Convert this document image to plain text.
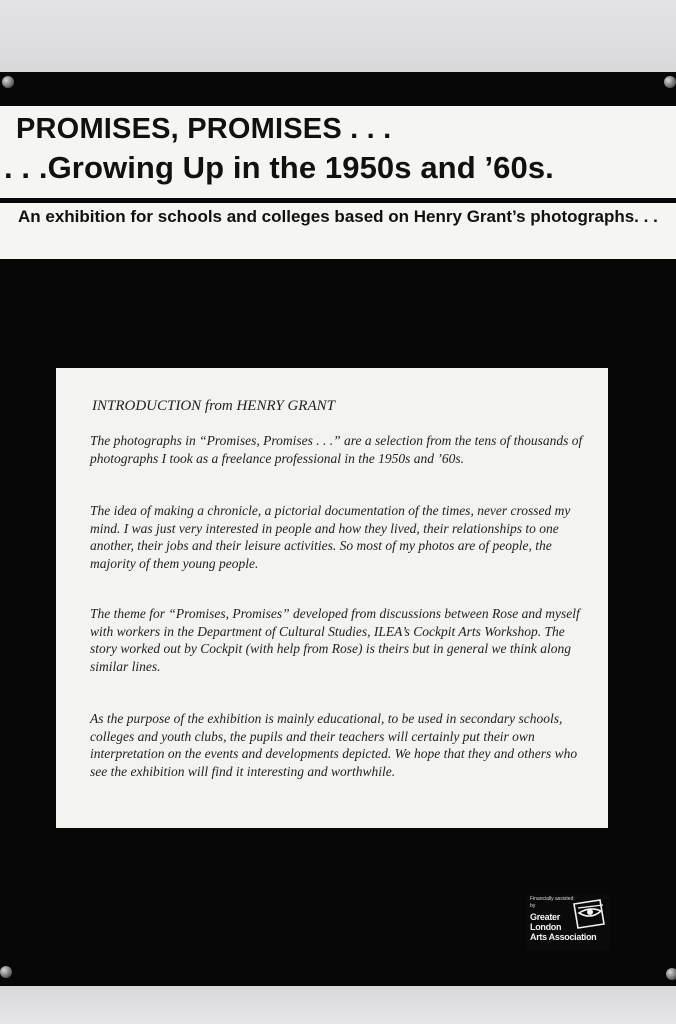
PROMISES, PROMISES . . .
. . .Growing Up in the 1950s and ’60s.
An exhibition for schools and colleges based on Henry Grant’s photographs. . .
INTRODUCTION from HENRY GRANT
The photographs in “Promises, Promises . . .” are a selection from the tens of thousands of photographs I took as a freelance professional in the 1950s and ’60s.
The idea of making a chronicle, a pictorial documentation of the times, never crossed my mind. I was just very interested in people and how they lived, their relationships to one another, their jobs and their leisure activities. So most of my photos are of people, the majority of them young people.
The theme for “Promises, Promises” developed from discussions between Rose and myself with workers in the Department of Cultural Studies, ILEA’s Cockpit Arts Workshop. The story worked out by Cockpit (with help from Rose) is theirs but in general we think along similar lines.
As the purpose of the exhibition is mainly educational, to be used in secondary schools, colleges and youth clubs, the pupils and their teachers will certainly put their own interpretation on the events and developments depicted. We hope that they and others who see the exhibition will find it interesting and worthwhile.
Financially assisted
by
Greater
London
Arts Association
